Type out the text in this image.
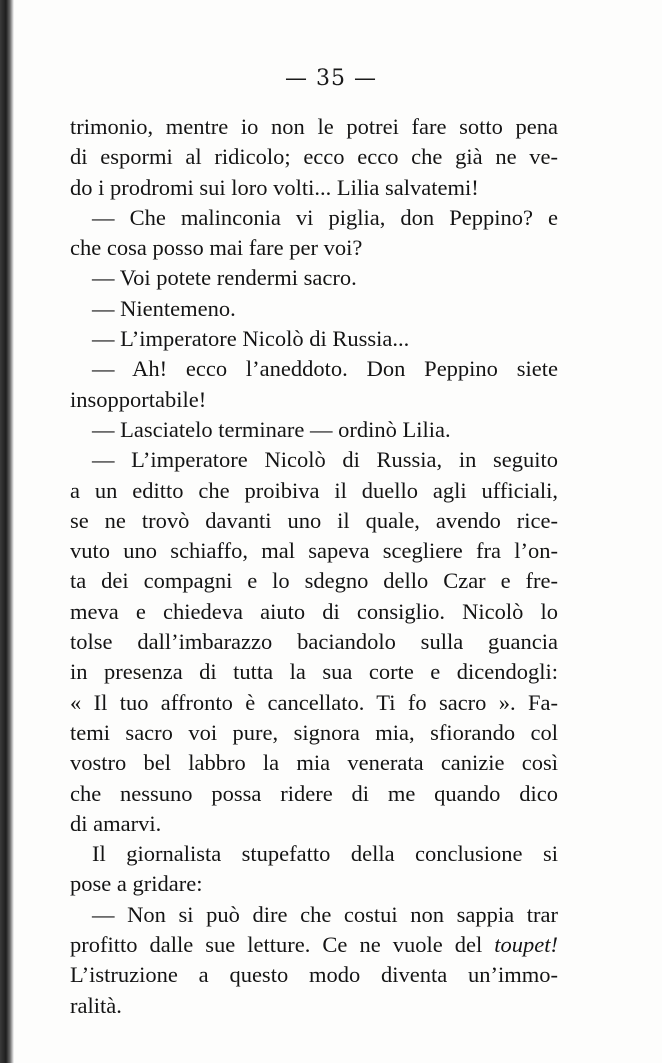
— 35 —
trimonio, mentre io non le potrei fare sotto pena
di espormi al ridicolo; ecco ecco che già ne ve-
do i prodromi sui loro volti... Lilia salvatemi!
— Che malinconia vi piglia, don Peppino? e
che cosa posso mai fare per voi?
— Voi potete rendermi sacro.
— Nientemeno.
— L’imperatore Nicolò di Russia...
— Ah! ecco l’aneddoto. Don Peppino siete
insopportabile!
— Lasciatelo terminare — ordinò Lilia.
— L’imperatore Nicolò di Russia, in seguito
a un editto che proibiva il duello agli ufficiali,
se ne trovò davanti uno il quale, avendo rice-
vuto uno schiaffo, mal sapeva scegliere fra l’on-
ta dei compagni e lo sdegno dello Czar e fre-
meva e chiedeva aiuto di consiglio. Nicolò lo
tolse dall’imbarazzo baciandolo sulla guancia
in presenza di tutta la sua corte e dicendogli:
« Il tuo affronto è cancellato. Ti fo sacro ». Fa-
temi sacro voi pure, signora mia, sfiorando col
vostro bel labbro la mia venerata canizie così
che nessuno possa ridere di me quando dico
di amarvi.
Il giornalista stupefatto della conclusione si
pose a gridare:
— Non si può dire che costui non sappia trar
profitto dalle sue letture. Ce ne vuole del toupet!
L’istruzione a questo modo diventa un’immo-
ralità.
